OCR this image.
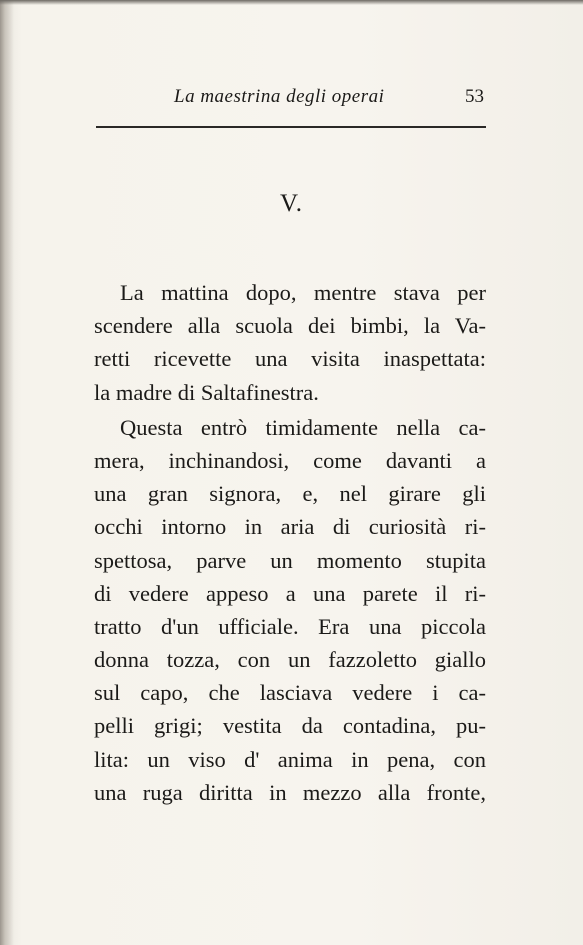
La maestrina degli operai	53
V.
La mattina dopo, mentre stava per
scendere alla scuola dei bimbi, la Va-
retti ricevette una visita inaspettata:
la madre di Saltafinestra.
Questa entrò timidamente nella ca-
mera, inchinandosi, come davanti a
una gran signora, e, nel girare gli
occhi intorno in aria di curiosità ri-
spettosa, parve un momento stupita
di vedere appeso a una parete il ri-
tratto d'un ufficiale. Era una piccola
donna tozza, con un fazzoletto giallo
sul capo, che lasciava vedere i ca-
pelli grigi; vestita da contadina, pu-
lita: un viso d' anima in pena, con
una ruga diritta in mezzo alla fronte,
